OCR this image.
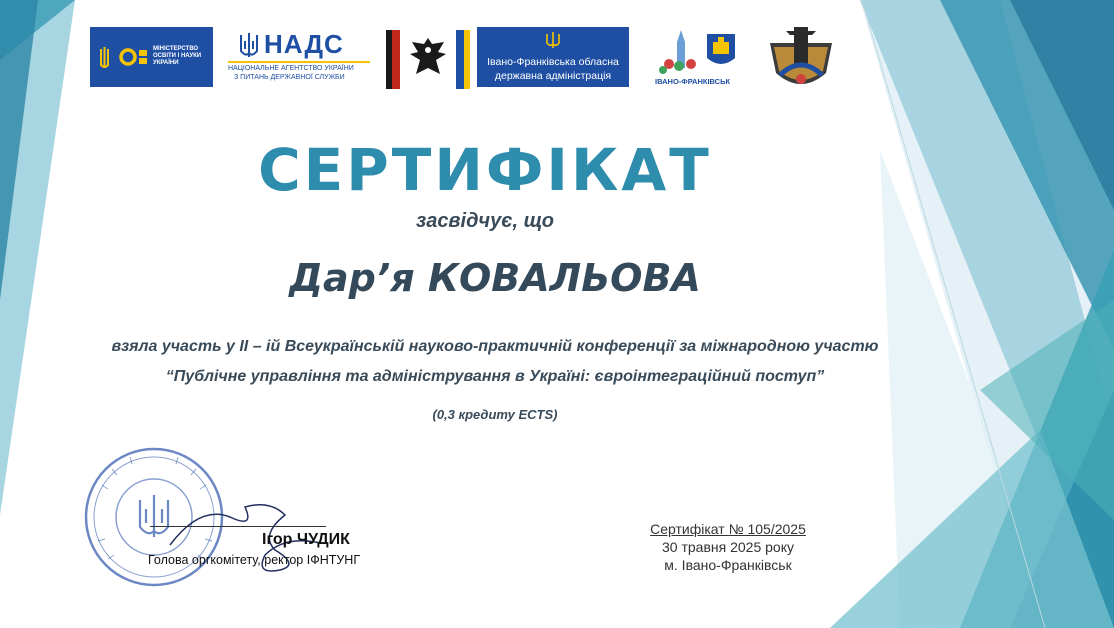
МІНІСТЕРСТВО ОСВІТИ І НАУКИ УКРАЇНИ
НАДС
НАЦІОНАЛЬНЕ АГЕНТСТВО УКРАЇНИ
З ПИТАНЬ ДЕРЖАВНОЇ СЛУЖБИ
Івано-Франківська обласна
державна адміністрація	ІВАНО-ФРАНКІВСЬК
СЕРТИФІКАТ
засвідчує, що
Дар’я КОВАЛЬОВА
взяла участь у ІІ – ій Всеукраїнській науково-практичній конференції за міжнародною участю
“Публічне управління та адміністрування в Україні: євроінтеграційний поступ”
(0,3 кредиту ECTS)
Ігор ЧУДИК
Голова оргкомітету, ректор ІФНТУНГ
Сертифікат № 105/2025
30 травня 2025 року
м. Івано-Франківськ
